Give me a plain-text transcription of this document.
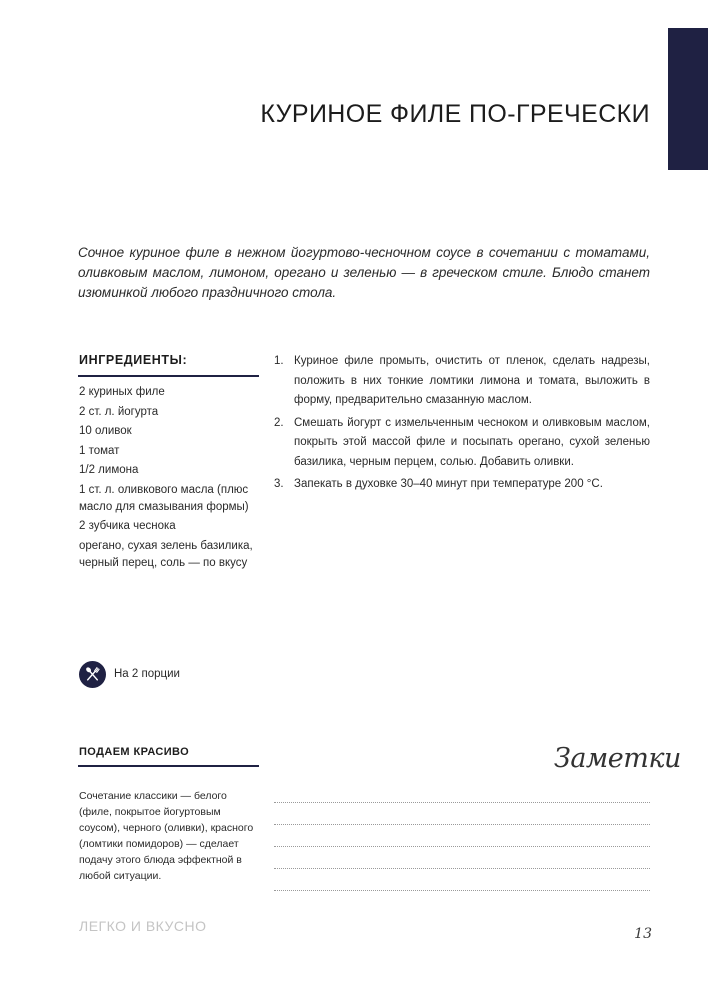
КУРИНОЕ ФИЛЕ ПО-ГРЕЧЕСКИ

Сочное куриное филе в нежном йогуртово-чесночном соусе в сочетании с томатами, оливковым маслом, лимоном, орегано и зеленью — в греческом стиле. Блюдо станет изюминкой любого праздничного стола.

ИНГРЕДИЕНТЫ:
2 куриных филе
2 ст. л. йогурта
10 оливок
1 томат
1/2 лимона
1 ст. л. оливкового масла (плюс масло для смазывания формы)
2 зубчика чеснока
орегано, сухая зелень базилика, черный перец, соль — по вкусу
1. Куриное филе промыть, очистить от пленок, сделать надрезы, положить в них тонкие ломтики лимона и томата, выложить в форму, предварительно смазанную маслом.
2. Смешать йогурт с измельченным чесноком и оливковым маслом, покрыть этой массой филе и посыпать орегано, сухой зеленью базилика, черным перцем, солью. Добавить оливки.
3. Запекать в духовке 30–40 минут при температуре 200 °С.
На 2 порции
ПОДАЕМ КРАСИВО

Сочетание классики — белого (филе, покрытое йогуртовым соусом), черного (оливки), красного (ломтики помидоров) — сделает подачу этого блюда эффектной в любой ситуации.

Заметки
ЛЕГКО И ВКУСНО	13
